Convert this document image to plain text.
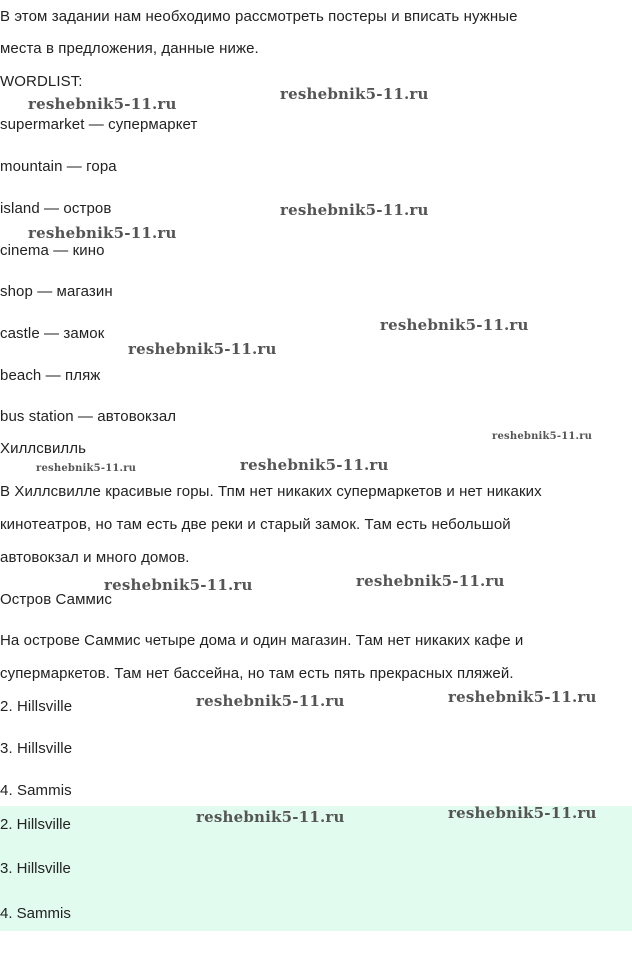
В этом задании нам необходимо рассмотреть постеры и вписать нужные

места в предложения, данные ниже.

WORDLIST:

supermarket — супермаркет

mountain — гора

island — остров

cinema — кино

shop — магазин

castle — замок

beach — пляж

bus station — автовокзал

Хиллсвилль

В Хиллсвилле красивые горы. Тпм нет никаких супермаркетов и нет никаких

кинотеатров, но там есть две реки и старый замок. Там есть небольшой

автовокзал и много домов.

Остров Саммис

На острове Саммис четыре дома и один магазин. Там нет никаких кафе и

супермаркетов. Там нет бассейна, но там есть пять прекрасных пляжей.

2. Hillsville

3. Hillsville

4. Sammis

2. Hillsville
3. Hillsville
4. Sammis
reshebnik5-11.ru
reshebnik5-11.ru
reshebnik5-11.ru
reshebnik5-11.ru
reshebnik5-11.ru
reshebnik5-11.ru
reshebnik5-11.ru
reshebnik5-11.ru	reshebnik5-11.ru
reshebnik5-11.ru	reshebnik5-11.ru
reshebnik5-11.ru	reshebnik5-11.ru
reshebnik5-11.ru	reshebnik5-11.ru
